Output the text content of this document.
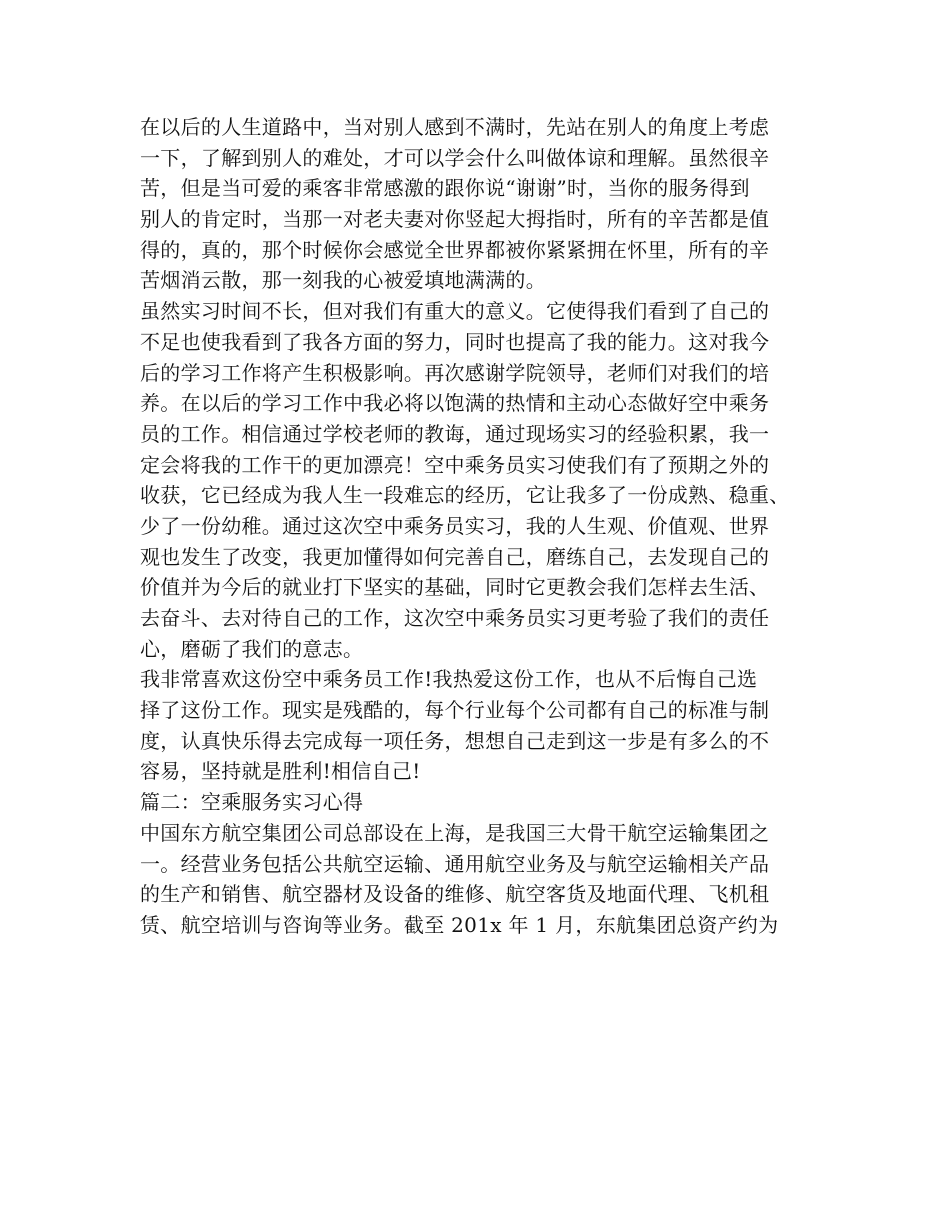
在以后的人生道路中，当对别人感到不满时，先站在别人的角度上考虑
一下，了解到别人的难处，才可以学会什么叫做体谅和理解。虽然很辛
苦，但是当可爱的乘客非常感激的跟你说“谢谢”时，当你的服务得到
别人的肯定时，当那一对老夫妻对你竖起大拇指时，所有的辛苦都是值
得的，真的，那个时候你会感觉全世界都被你紧紧拥在怀里，所有的辛
苦烟消云散，那一刻我的心被爱填地满满的。
虽然实习时间不长，但对我们有重大的意义。它使得我们看到了自己的
不足也使我看到了我各方面的努力，同时也提高了我的能力。这对我今
后的学习工作将产生积极影响。再次感谢学院领导，老师们对我们的培
养。在以后的学习工作中我必将以饱满的热情和主动心态做好空中乘务
员的工作。相信通过学校老师的教诲，通过现场实习的经验积累，我一
定会将我的工作干的更加漂亮！空中乘务员实习使我们有了预期之外的
收获，它已经成为我人生一段难忘的经历，它让我多了一份成熟、稳重、
少了一份幼稚。通过这次空中乘务员实习，我的人生观、价值观、世界
观也发生了改变，我更加懂得如何完善自己，磨练自己，去发现自己的
价值并为今后的就业打下坚实的基础，同时它更教会我们怎样去生活、
去奋斗、去对待自己的工作，这次空中乘务员实习更考验了我们的责任
心，磨砺了我们的意志。
我非常喜欢这份空中乘务员工作!我热爱这份工作，也从不后悔自己选
择了这份工作。现实是残酷的，每个行业每个公司都有自己的标准与制
度，认真快乐得去完成每一项任务，想想自己走到这一步是有多么的不
容易，坚持就是胜利!相信自己!
篇二：空乘服务实习心得
中国东方航空集团公司总部设在上海，是我国三大骨干航空运输集团之
一。经营业务包括公共航空运输、通用航空业务及与航空运输相关产品
的生产和销售、航空器材及设备的维修、航空客货及地面代理、飞机租
赁、航空培训与咨询等业务。截至 201x 年 1 月，东航集团总资产约为
